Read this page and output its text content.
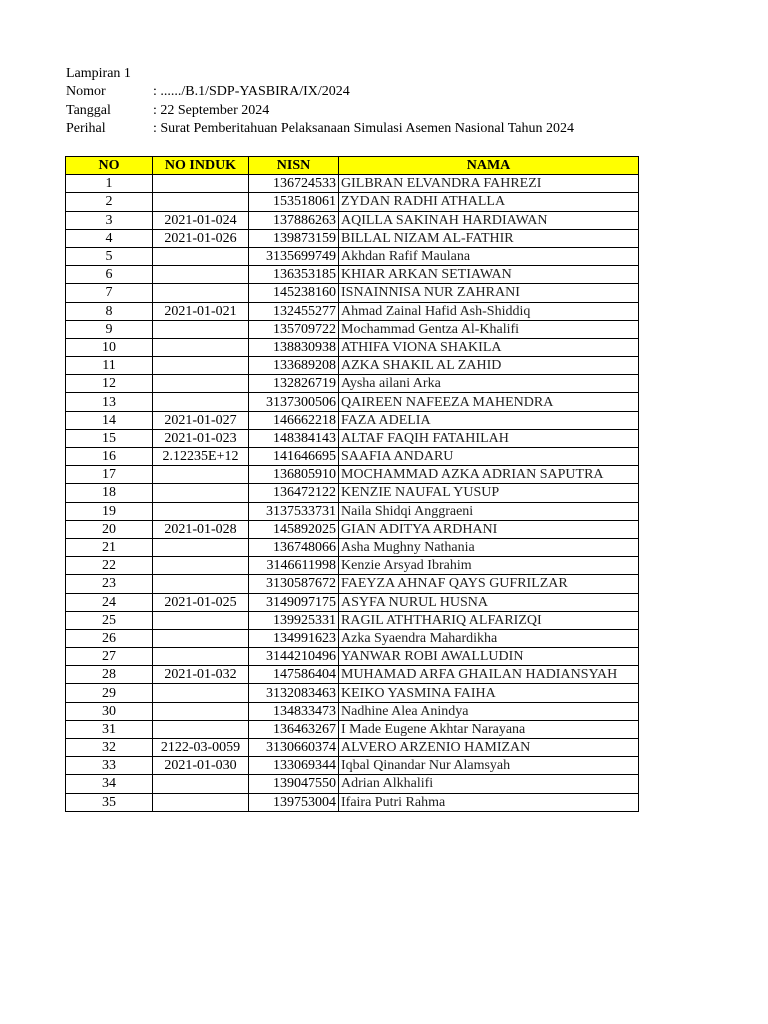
Lampiran 1
Nomor	: ....../B.1/SDP-YASBIRA/IX/2024
Tanggal	: 22 September 2024
Perihal	: Surat Pemberitahuan Pelaksanaan Simulasi Asemen Nasional Tahun 2024
NO	NO INDUK	NISN	NAMA
1		136724533	GILBRAN ELVANDRA FAHREZI
2		153518061	ZYDAN RADHI ATHALLA
3	2021-01-024	137886263	AQILLA SAKINAH HARDIAWAN
4	2021-01-026	139873159	BILLAL NIZAM AL-FATHIR
5		3135699749	Akhdan Rafif Maulana
6		136353185	KHIAR ARKAN SETIAWAN
7		145238160	ISNAINNISA NUR ZAHRANI
8	2021-01-021	132455277	Ahmad Zainal Hafid Ash-Shiddiq
9		135709722	Mochammad Gentza Al-Khalifi
10		138830938	ATHIFA VIONA SHAKILA
11		133689208	AZKA SHAKIL AL ZAHID
12		132826719	Aysha ailani Arka
13		3137300506	QAIREEN NAFEEZA MAHENDRA
14	2021-01-027	146662218	FAZA ADELIA
15	2021-01-023	148384143	ALTAF FAQIH FATAHILAH
16	2.12235E+12	141646695	SAAFIA ANDARU
17		136805910	MOCHAMMAD AZKA ADRIAN SAPUTRA
18		136472122	KENZIE NAUFAL YUSUP
19		3137533731	Naila Shidqi Anggraeni
20	2021-01-028	145892025	GIAN ADITYA ARDHANI
21		136748066	Asha Mughny Nathania
22		3146611998	Kenzie Arsyad Ibrahim
23		3130587672	FAEYZA AHNAF QAYS GUFRILZAR
24	2021-01-025	3149097175	ASYFA NURUL HUSNA
25		139925331	RAGIL ATHTHARIQ ALFARIZQI
26		134991623	Azka Syaendra Mahardikha
27		3144210496	YANWAR ROBI AWALLUDIN
28	2021-01-032	147586404	MUHAMAD ARFA GHAILAN HADIANSYAH
29		3132083463	KEIKO YASMINA FAIHA
30		134833473	Nadhine Alea Anindya
31		136463267	I Made Eugene Akhtar Narayana
32	2122-03-0059	3130660374	ALVERO ARZENIO HAMIZAN
33	2021-01-030	133069344	Iqbal Qinandar Nur Alamsyah
34		139047550	Adrian Alkhalifi
35		139753004	Ifaira Putri Rahma
